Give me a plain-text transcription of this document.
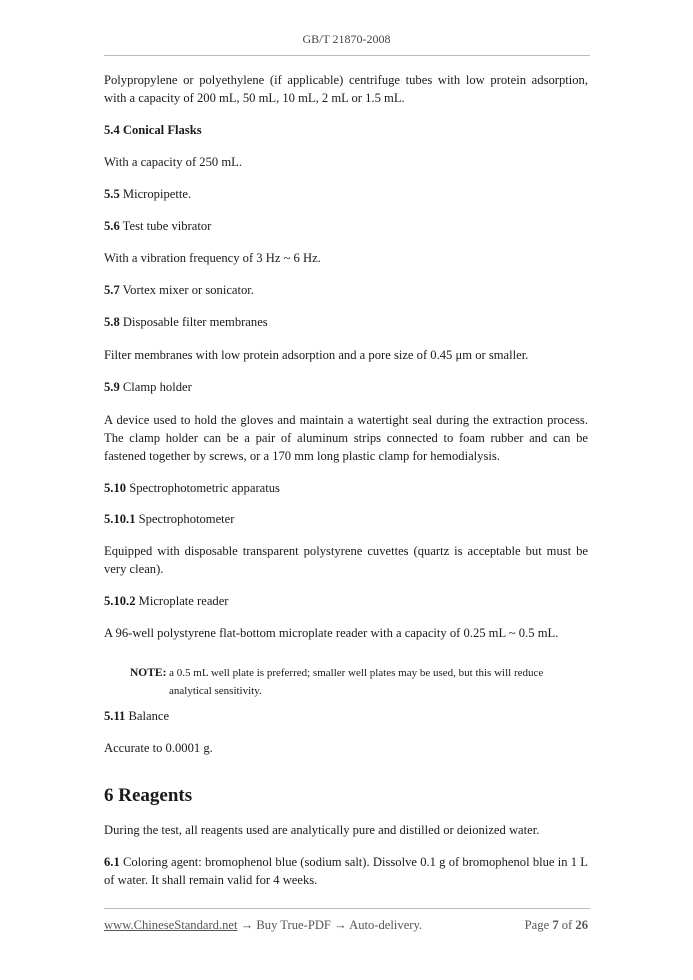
GB/T 21870-2008
Polypropylene or polyethylene (if applicable) centrifuge tubes with low protein adsorption, with a capacity of 200 mL, 50 mL, 10 mL, 2 mL or 1.5 mL.
5.4 Conical Flasks
With a capacity of 250 mL.
5.5 Micropipette.
5.6 Test tube vibrator
With a vibration frequency of 3 Hz ~ 6 Hz.
5.7 Vortex mixer or sonicator.
5.8 Disposable filter membranes
Filter membranes with low protein adsorption and a pore size of 0.45 μm or smaller.
5.9 Clamp holder
A device used to hold the gloves and maintain a watertight seal during the extraction process. The clamp holder can be a pair of aluminum strips connected to foam rubber and can be fastened together by screws, or a 170 mm long plastic clamp for hemodialysis.
5.10 Spectrophotometric apparatus
5.10.1 Spectrophotometer
Equipped with disposable transparent polystyrene cuvettes (quartz is acceptable but must be very clean).
5.10.2 Microplate reader
A 96-well polystyrene flat-bottom microplate reader with a capacity of 0.25 mL ~ 0.5 mL.
NOTE: a 0.5 mL well plate is preferred; smaller well plates may be used, but this will reduce
analytical sensitivity.
5.11 Balance
Accurate to 0.0001 g.
6 Reagents
During the test, all reagents used are analytically pure and distilled or deionized water.
6.1 Coloring agent: bromophenol blue (sodium salt). Dissolve 0.1 g of bromophenol blue in 1 L of water. It shall remain valid for 4 weeks.
www.ChineseStandard.net → Buy True-PDF → Auto-delivery.	Page 7 of 26
